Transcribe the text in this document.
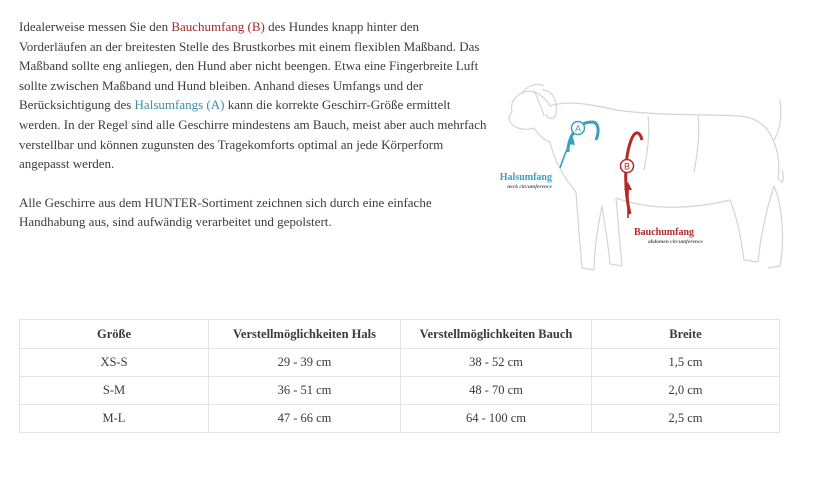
Idealerweise messen Sie den Bauchumfang (B) des Hundes knapp hinter den Vorderläufen an der breitesten Stelle des Brustkorbes mit einem flexiblen Maßband. Das Maßband sollte eng anliegen, den Hund aber nicht beengen. Etwa eine Fingerbreite Luft sollte zwischen Maßband und Hund bleiben. Anhand dieses Umfangs und der Berücksichtigung des Halsumfangs (A) kann die korrekte Geschirr-Größe ermittelt werden. In der Regel sind alle Geschirre mindestens am Bauch, meist aber auch mehrfach verstellbar und können zugunsten des Tragekomforts optimal an jede Körperform angepasst werden.

Alle Geschirre aus dem HUNTER-Sortiment zeichnen sich durch eine einfache Handhabung aus, sind aufwändig verarbeitet und gepolstert.

A
B
Halsumfang
neck circumference
Bauchumfang
abdomen circumference
Größe	Verstellmöglichkeiten Hals	Verstellmöglichkeiten Bauch	Breite
XS-S	29 - 39 cm	38 - 52 cm	1,5 cm
S-M	36 - 51 cm	48 - 70 cm	2,0 cm
M-L	47 - 66 cm	64 - 100 cm	2,5 cm
